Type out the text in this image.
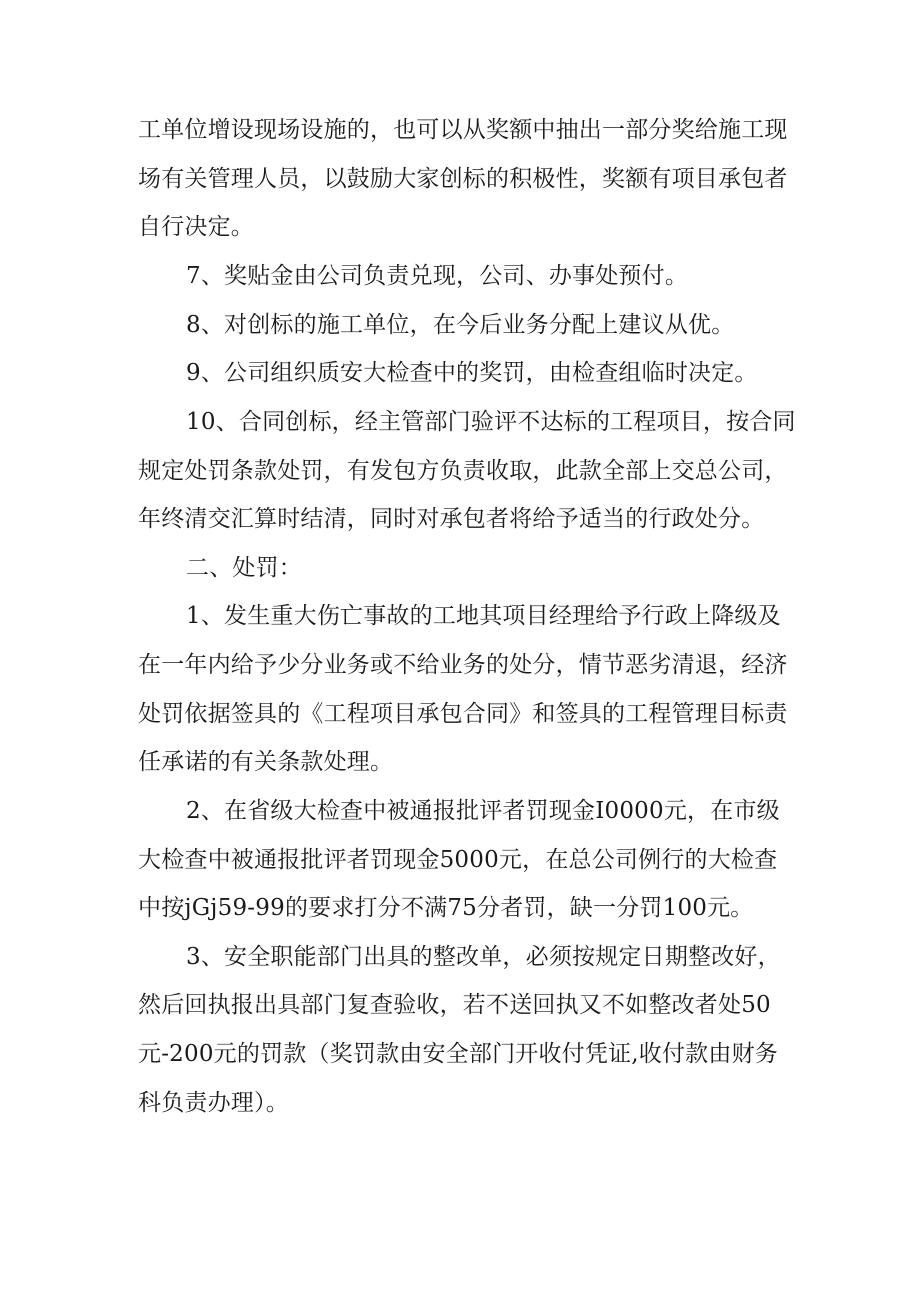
工单位增设现场设施的，也可以从奖额中抽出一部分奖给施工现

场有关管理人员，以鼓励大家创标的积极性，奖额有项目承包者

自行决定。

7、奖贴金由公司负责兑现，公司、办事处预付。

8、对创标的施工单位，在今后业务分配上建议从优。

9、公司组织质安大检查中的奖罚，由检查组临时决定。

10、合同创标，经主管部门验评不达标的工程项目，按合同

规定处罚条款处罚，有发包方负责收取，此款全部上交总公司，

年终清交汇算时结清，同时对承包者将给予适当的行政处分。

二、处罚：

1、发生重大伤亡事故的工地其项目经理给予行政上降级及

在一年内给予少分业务或不给业务的处分，情节恶劣清退，经济

处罚依据签具的《工程项目承包合同》和签具的工程管理目标责

任承诺的有关条款处理。

2、在省级大检查中被通报批评者罚现金I0000元，在市级

大检查中被通报批评者罚现金5000元，在总公司例行的大检查

中按jGj59-99的要求打分不满75分者罚，缺一分罚100元。

3、安全职能部门出具的整改单，必须按规定日期整改好，

然后回执报出具部门复查验收，若不送回执又不如整改者处50

元-200元的罚款（奖罚款由安全部门开收付凭证,收付款由财务

科负责办理）。
